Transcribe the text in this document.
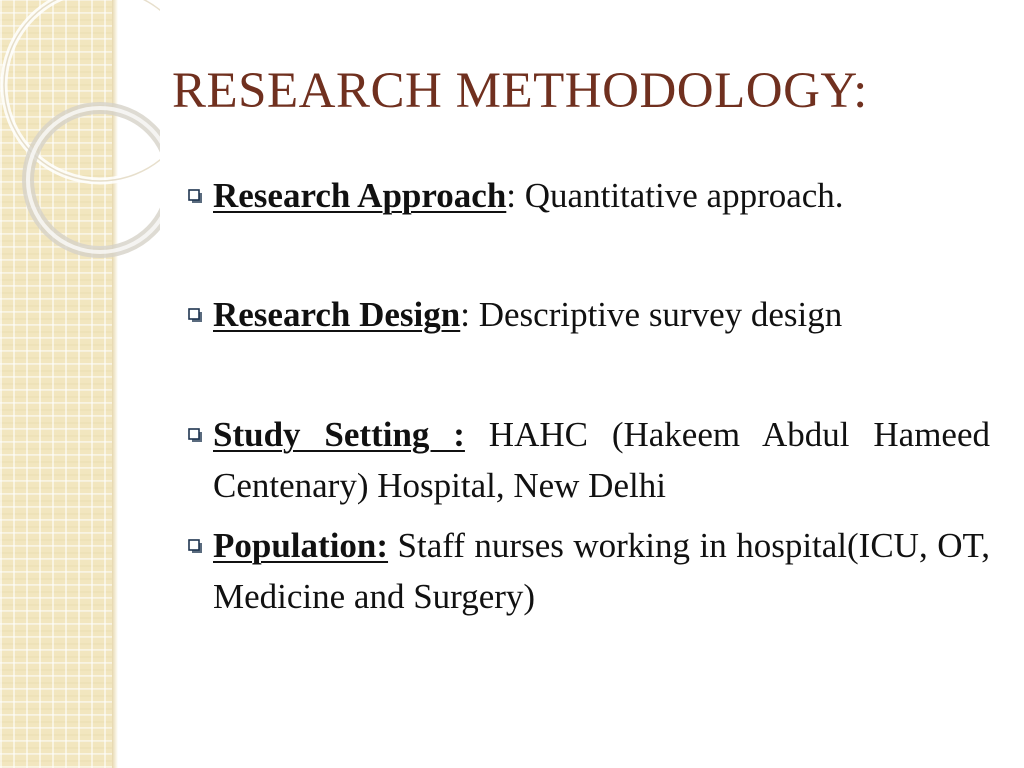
RESEARCH METHODOLOGY:
Research Approach: Quantitative approach.
Research Design: Descriptive survey design
Study Setting : HAHC (Hakeem Abdul Hameed Centenary) Hospital, New Delhi
Population: Staff nurses working in hospital(ICU, OT, Medicine and Surgery)
